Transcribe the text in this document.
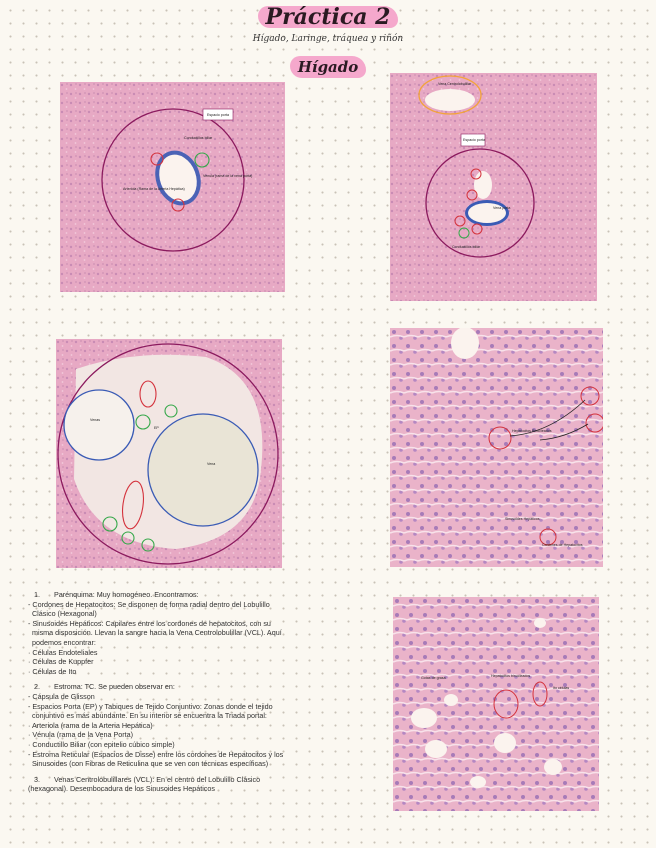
Práctica 2
Hígado, Laringe, tráquea y riñón
Hígado
Espacio porta
Conductillos biliar
Arteriola (Rama de la Arteria Hepática)
Venula (rama de la vena porta)
Vena Centrolobulillar
Espacio porta
Vena porta
Conductillos biliar
Venas
Vena
EP
Hepatocitos Binucleados
Sinusoides Hepáticos
Cordones de Hepatocitos
Gotas de grasa	Hepatocitos binucleados
Ito células
1.       Parénquima: Muy homogéneo. Encontramos:
- Cordones de Hepatocitos: Se disponen de forma radial dentro del Lobulillo
Clásico (Hexagonal)
- Sinusoides Hepáticos: Capilares entre los cordones de hepatocitos, con su
misma disposición. Llevan la sangre hacia la Vena Centrolobulillar (VCL). Aquí
podemos encontrar:
· Células Endoteliales
· Células de Kuppfer
· Células de Ito
2.       Estroma: TC. Se pueden observar en:
- Cápsula de Glisson
- Espacios Porta (EP) y Tabiques de Tejido Conjuntivo: Zonas donde el tejido
conjuntivo es más abundante. En su interior se encuentra la Triada portal:
· Arteriola (rama de la Arteria Hepática)
· Vénula (rama de la Vena Porta)
· Conductillo Biliar (con epitelio cúbico simple)
- Estroma Reticular (Espacios de Disse) entre los cordones de Hepatocitos y los
Sinusoides (con Fibras de Reticulina que se ven con técnicas específicas)
3.       Venas Centrolobulillares (VCL): En el centro del Lobulillo Clásico
(hexagonal). Desembocadura de los Sinusoides Hepáticos
